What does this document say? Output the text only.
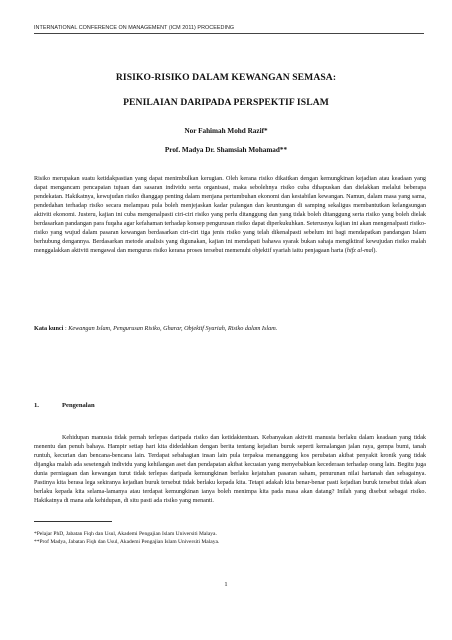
INTERNATIONAL CONFERENCE ON MANAGEMENT (ICM 2011) PROCEEDING
RISIKO-RISIKO DALAM KEWANGAN SEMASA:
PENILAIAN DARIPADA PERSPEKTIF ISLAM
Nor Fahimah Mohd Razif*
Prof. Madya Dr. Shamsiah Mohamad**

Risiko merupakan suatu ketidakpastian yang dapat menimbulkan kerugian. Oleh kerana risiko dikaitkan dengan kemungkinan kejadian atau keadaan yang dapat mengancam pencapaian tujuan dan sasaran individu serta organisasi, maka sebolehnya risiko cuba dihapuskan dan dielakkan melalui beberapa pendekatan. Hakikatnya, kewujudan risiko dianggap penting dalam menjana pertumbuhan ekonomi dan kestabilan kewangan. Namun, dalam masa yang sama, pendedahan terhadap risiko secara melampau pula boleh menjejaskan kadar pulangan dan keuntungan di samping sekaligus membantutkan kelangsungan aktiviti ekonomi. Justeru, kajian ini cuba mengenalpasti ciri-ciri risiko yang perlu ditanggung dan yang tidak boleh ditanggung serta risiko yang boleh dielak berdasarkan pandangan para fuqaha agar kefahaman terhadap konsep pengurusan risiko dapat diperkukuhkan. Seterusnya kajian ini akan mengenalpasti risiko-risiko yang wujud dalam pasaran kewangan berdasarkan ciri-ciri tiga jenis risiko yang telah dikenalpasti sebelum ini bagi mendapatkan pandangan Islam berhubung dengannya. Berdasarkan metode analisis yang digunakan, kajian ini mendapati bahawa syarak bukan sahaja mengiktiraf kewujudan risiko malah menggalakkan aktiviti mengawal dan mengurus risiko kerana proses tersebut memenuhi objektif syariah iaitu penjagaan harta (hifz al-mal).

Kata kunci : Kewangan Islam, Pengurusan Risiko, Gharar, Objektif Syariah, Risiko dalam Islam.
1.	Pengenalan
Kehidupan manusia tidak pernah terlepas daripada risiko dan ketidaktentuan. Kebanyakan aktiviti manusia berlaku dalam keadaan yang tidak menentu dan penuh bahaya. Hampir setiap hari kita didedahkan dengan berita tentang kejadian buruk seperti kemalangan jalan raya, gempa bumi, tanah runtuh, kecurian dan bencana-bencana lain. Terdapat sebahagian insan lain pula terpaksa menanggung kos perubatan akibat penyakit kronik yang tidak dijangka malah ada sesetengah individu yang kehilangan aset dan pendapatan akibat kecuaian yang menyebabkan kecederaan terhadap orang lain. Begitu juga dunia perniagaan dan kewangan turut tidak terlepas daripada kemungkinan berlaku kejatuhan pasaran saham, penurunan nilai hartanah dan sebagainya. Pastinya kita berasa lega sekiranya kejadian buruk tersebut tidak berlaku kepada kita. Tetapi adakah kita benar-benar pasti kejadian buruk tersebut tidak akan berlaku kepada kita selama-lamanya atau terdapat kemungkinan ianya boleh menimpa kita pada masa akan datang? Inilah yang disebut sebagai risiko. Hakikatnya di mana ada kehidupan, di situ pasti ada risiko yang menanti.
*Pelajar PhD, Jabatan Fiqh dan Usul, Akademi Pengajian Islam Universiti Malaya.
**Prof Madya, Jabatan Fiqh dan Usul, Akademi Pengajian Islam Universiti Malaya.
1
